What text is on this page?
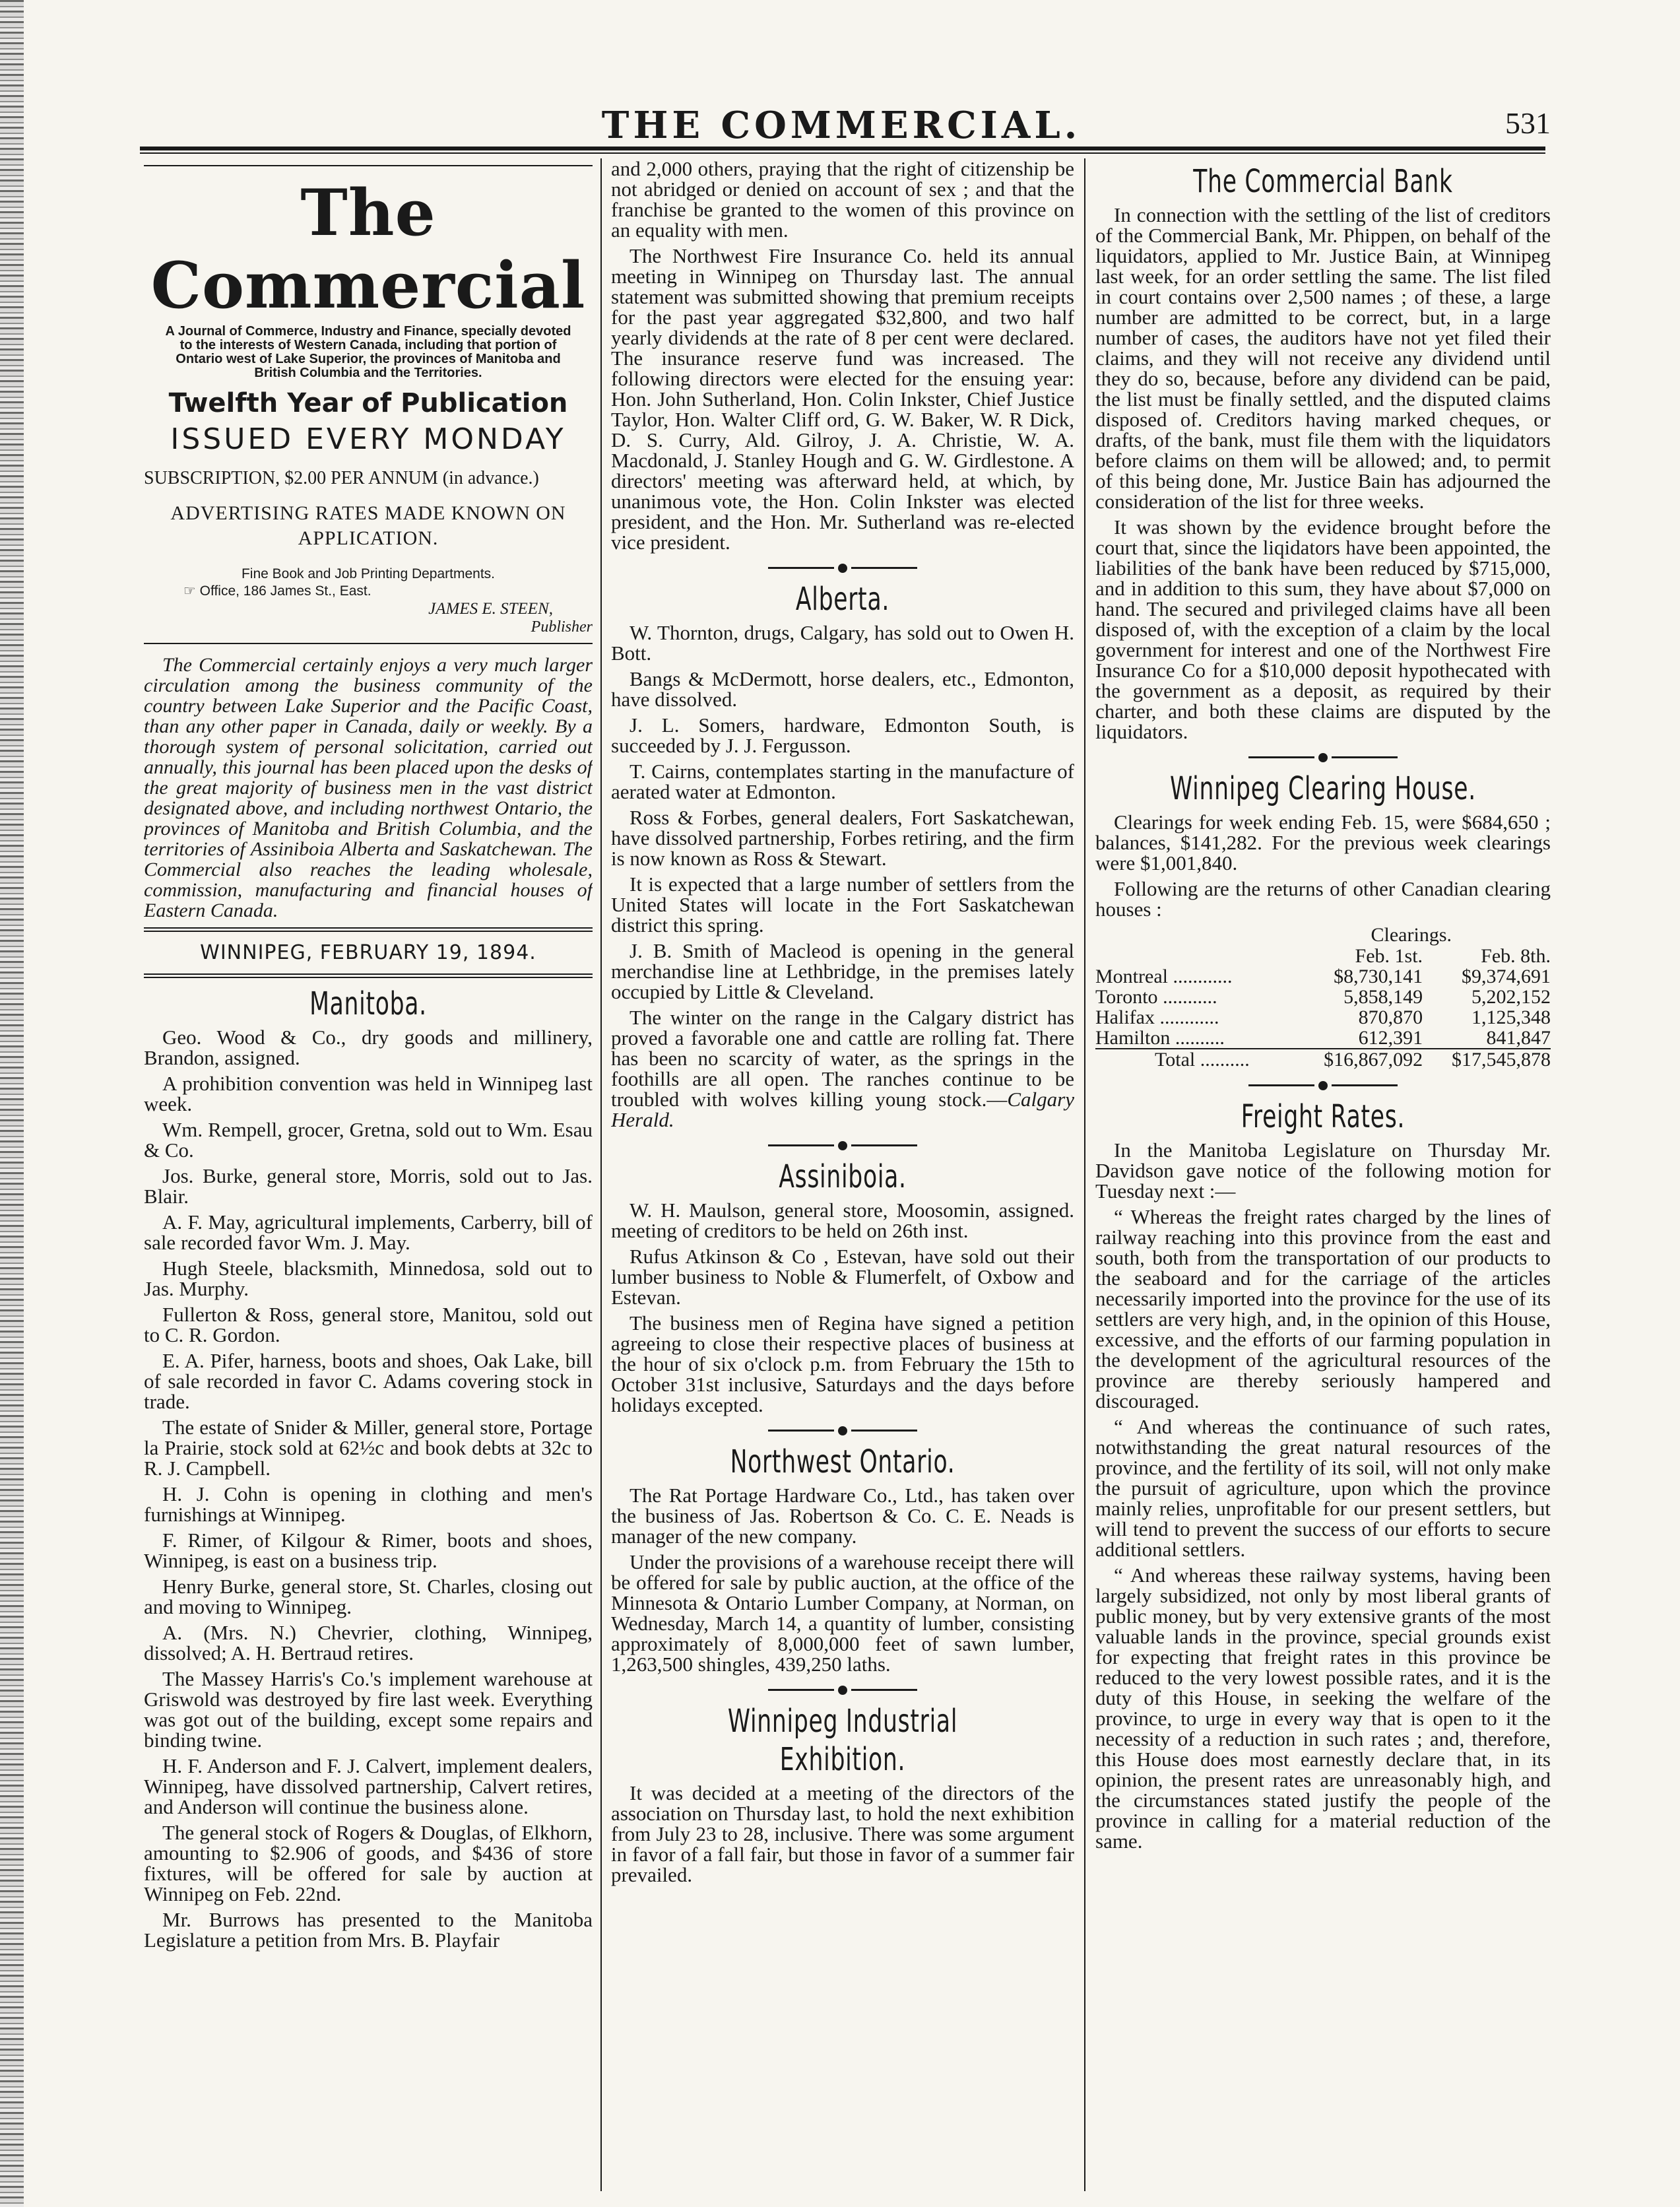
THE COMMERCIAL.	531
The Commercial
A Journal of Commerce, Industry and Finance, specially devoted to the interests of Western Canada, including that portion of Ontario west of Lake Superior, the provinces of Manitoba and British Columbia and the Territories.
Twelfth Year of Publication
ISSUED EVERY MONDAY
SUBSCRIPTION, $2.00 PER ANNUM (in advance.)
ADVERTISING RATES MADE KNOWN ON APPLICATION.
Fine Book and Job Printing Departments.
☞ Office, 186 James St., East.
JAMES E. STEEN,
Publisher
The Commercial certainly enjoys a very much larger circulation among the business community of the country between Lake Superior and the Pacific Coast, than any other paper in Canada, daily or weekly. By a thorough system of personal solicitation, carried out annually, this journal has been placed upon the desks of the great majority of business men in the vast district designated above, and including northwest Ontario, the provinces of Manitoba and British Columbia, and the territories of Assiniboia Alberta and Saskatchewan. The Commercial also reaches the leading wholesale, commission, manufacturing and financial houses of Eastern Canada.
WINNIPEG, FEBRUARY 19, 1894.
Manitoba.

Geo. Wood & Co., dry goods and millinery, Brandon, assigned.

A prohibition convention was held in Winnipeg last week.

Wm. Rempell, grocer, Gretna, sold out to Wm. Esau & Co.

Jos. Burke, general store, Morris, sold out to Jas. Blair.

A. F. May, agricultural implements, Carberry, bill of sale recorded favor Wm. J. May.

Hugh Steele, blacksmith, Minnedosa, sold out to Jas. Murphy.

Fullerton & Ross, general store, Manitou, sold out to C. R. Gordon.

E. A. Pifer, harness, boots and shoes, Oak Lake, bill of sale recorded in favor C. Adams covering stock in trade.

The estate of Snider & Miller, general store, Portage la Prairie, stock sold at 62½c and book debts at 32c to R. J. Campbell.

H. J. Cohn is opening in clothing and men's furnishings at Winnipeg.

F. Rimer, of Kilgour & Rimer, boots and shoes, Winnipeg, is east on a business trip.

Henry Burke, general store, St. Charles, closing out and moving to Winnipeg.

A. (Mrs. N.) Chevrier, clothing, Winnipeg, dissolved; A. H. Bertraud retires.

The Massey Harris's Co.'s implement warehouse at Griswold was destroyed by fire last week. Everything was got out of the building, except some repairs and binding twine.

H. F. Anderson and F. J. Calvert, implement dealers, Winnipeg, have dissolved partnership, Calvert retires, and Anderson will continue the business alone.

The general stock of Rogers & Douglas, of Elkhorn, amounting to $2.906 of goods, and $436 of store fixtures, will be offered for sale by auction at Winnipeg on Feb. 22nd.

Mr. Burrows has presented to the Manitoba Legislature a petition from Mrs. B. Playfair

and 2,000 others, praying that the right of citizenship be not abridged or denied on account of sex ; and that the franchise be granted to the women of this province on an equality with men.

The Northwest Fire Insurance Co. held its annual meeting in Winnipeg on Thursday last. The annual statement was submitted showing that premium receipts for the past year aggregated $32,800, and two half yearly dividends at the rate of 8 per cent were declared. The insurance reserve fund was increased. The following directors were elected for the ensuing year: Hon. John Sutherland, Hon. Colin Inkster, Chief Justice Taylor, Hon. Walter Cliff ord, G. W. Baker, W. R Dick, D. S. Curry, Ald. Gilroy, J. A. Christie, W. A. Macdonald, J. Stanley Hough and G. W. Girdlestone. A directors' meeting was afterward held, at which, by unanimous vote, the Hon. Colin Inkster was elected president, and the Hon. Mr. Sutherland was re-elected vice president.

Alberta.

W. Thornton, drugs, Calgary, has sold out to Owen H. Bott.

Bangs & McDermott, horse dealers, etc., Edmonton, have dissolved.

J. L. Somers, hardware, Edmonton South, is succeeded by J. J. Fergusson.

T. Cairns, contemplates starting in the manufacture of aerated water at Edmonton.

Ross & Forbes, general dealers, Fort Saskatchewan, have dissolved partnership, Forbes retiring, and the firm is now known as Ross & Stewart.

It is expected that a large number of settlers from the United States will locate in the Fort Saskatchewan district this spring.

J. B. Smith of Macleod is opening in the general merchandise line at Lethbridge, in the premises lately occupied by Little & Cleveland.

The winter on the range in the Calgary district has proved a favorable one and cattle are rolling fat. There has been no scarcity of water, as the springs in the foothills are all open. The ranches continue to be troubled with wolves killing young stock.—Calgary Herald.

Assiniboia.

W. H. Maulson, general store, Moosomin, assigned. meeting of creditors to be held on 26th inst.

Rufus Atkinson & Co , Estevan, have sold out their lumber business to Noble & Flumerfelt, of Oxbow and Estevan.

The business men of Regina have signed a petition agreeing to close their respective places of business at the hour of six o'clock p.m. from February the 15th to October 31st inclusive, Saturdays and the days before holidays excepted.

Northwest Ontario.

The Rat Portage Hardware Co., Ltd., has taken over the business of Jas. Robertson & Co. C. E. Neads is manager of the new company.

Under the provisions of a warehouse receipt there will be offered for sale by public auction, at the office of the Minnesota & Ontario Lumber Company, at Norman, on Wednesday, March 14, a quantity of lumber, consisting approximately of 8,000,000 feet of sawn lumber, 1,263,500 shingles, 439,250 laths.

Winnipeg Industrial Exhibition.

It was decided at a meeting of the directors of the association on Thursday last, to hold the next exhibition from July 23 to 28, inclusive. There was some argument in favor of a fall fair, but those in favor of a summer fair prevailed.

The Commercial Bank

In connection with the settling of the list of creditors of the Commercial Bank, Mr. Phippen, on behalf of the liquidators, applied to Mr. Justice Bain, at Winnipeg last week, for an order settling the same. The list filed in court contains over 2,500 names ; of these, a large number are admitted to be correct, but, in a large number of cases, the auditors have not yet filed their claims, and they will not receive any dividend until they do so, because, before any dividend can be paid, the list must be finally settled, and the disputed claims disposed of. Creditors having marked cheques, or drafts, of the bank, must file them with the liquidators before claims on them will be allowed; and, to permit of this being done, Mr. Justice Bain has adjourned the consideration of the list for three weeks.

It was shown by the evidence brought before the court that, since the liqidators have been appointed, the liabilities of the bank have been reduced by $715,000, and in addition to this sum, they have about $7,000 on hand. The secured and privileged claims have all been disposed of, with the exception of a claim by the local government for interest and one of the Northwest Fire Insurance Co for a $10,000 deposit hypothecated with the government as a deposit, as required by their charter, and both these claims are disputed by the liquidators.

Winnipeg Clearing House.

Clearings for week ending Feb. 15, were $684,650 ; balances, $141,282. For the previous week clearings were $1,001,840.

Following are the returns of other Canadian clearing houses :

Clearings.
	Feb. 1st.	Feb. 8th.
Montreal ............	$8,730,141	$9,374,691
Toronto ...........	5,858,149	5,202,152
Halifax ............	870,870	1,125,348
Hamilton ..........	612,391	841,847
Total ..........	$16,867,092	$17,545,878
Freight Rates.

In the Manitoba Legislature on Thursday Mr. Davidson gave notice of the following motion for Tuesday next :—

“ Whereas the freight rates charged by the lines of railway reaching into this province from the east and south, both from the transportation of our products to the seaboard and for the carriage of the articles necessarily imported into the province for the use of its settlers are very high, and, in the opinion of this House, excessive, and the efforts of our farming population in the development of the agricultural resources of the province are thereby seriously hampered and discouraged.

“ And whereas the continuance of such rates, notwithstanding the great natural resources of the province, and the fertility of its soil, will not only make the pursuit of agriculture, upon which the province mainly relies, unprofitable for our present settlers, but will tend to prevent the success of our efforts to secure additional settlers.

“ And whereas these railway systems, having been largely subsidized, not only by most liberal grants of public money, but by very extensive grants of the most valuable lands in the province, special grounds exist for expecting that freight rates in this province be reduced to the very lowest possible rates, and it is the duty of this House, in seeking the welfare of the province, to urge in every way that is open to it the necessity of a reduction in such rates ; and, therefore, this House does most earnestly declare that, in its opinion, the present rates are unreasonably high, and the circumstances stated justify the people of the province in calling for a material reduction of the same.
